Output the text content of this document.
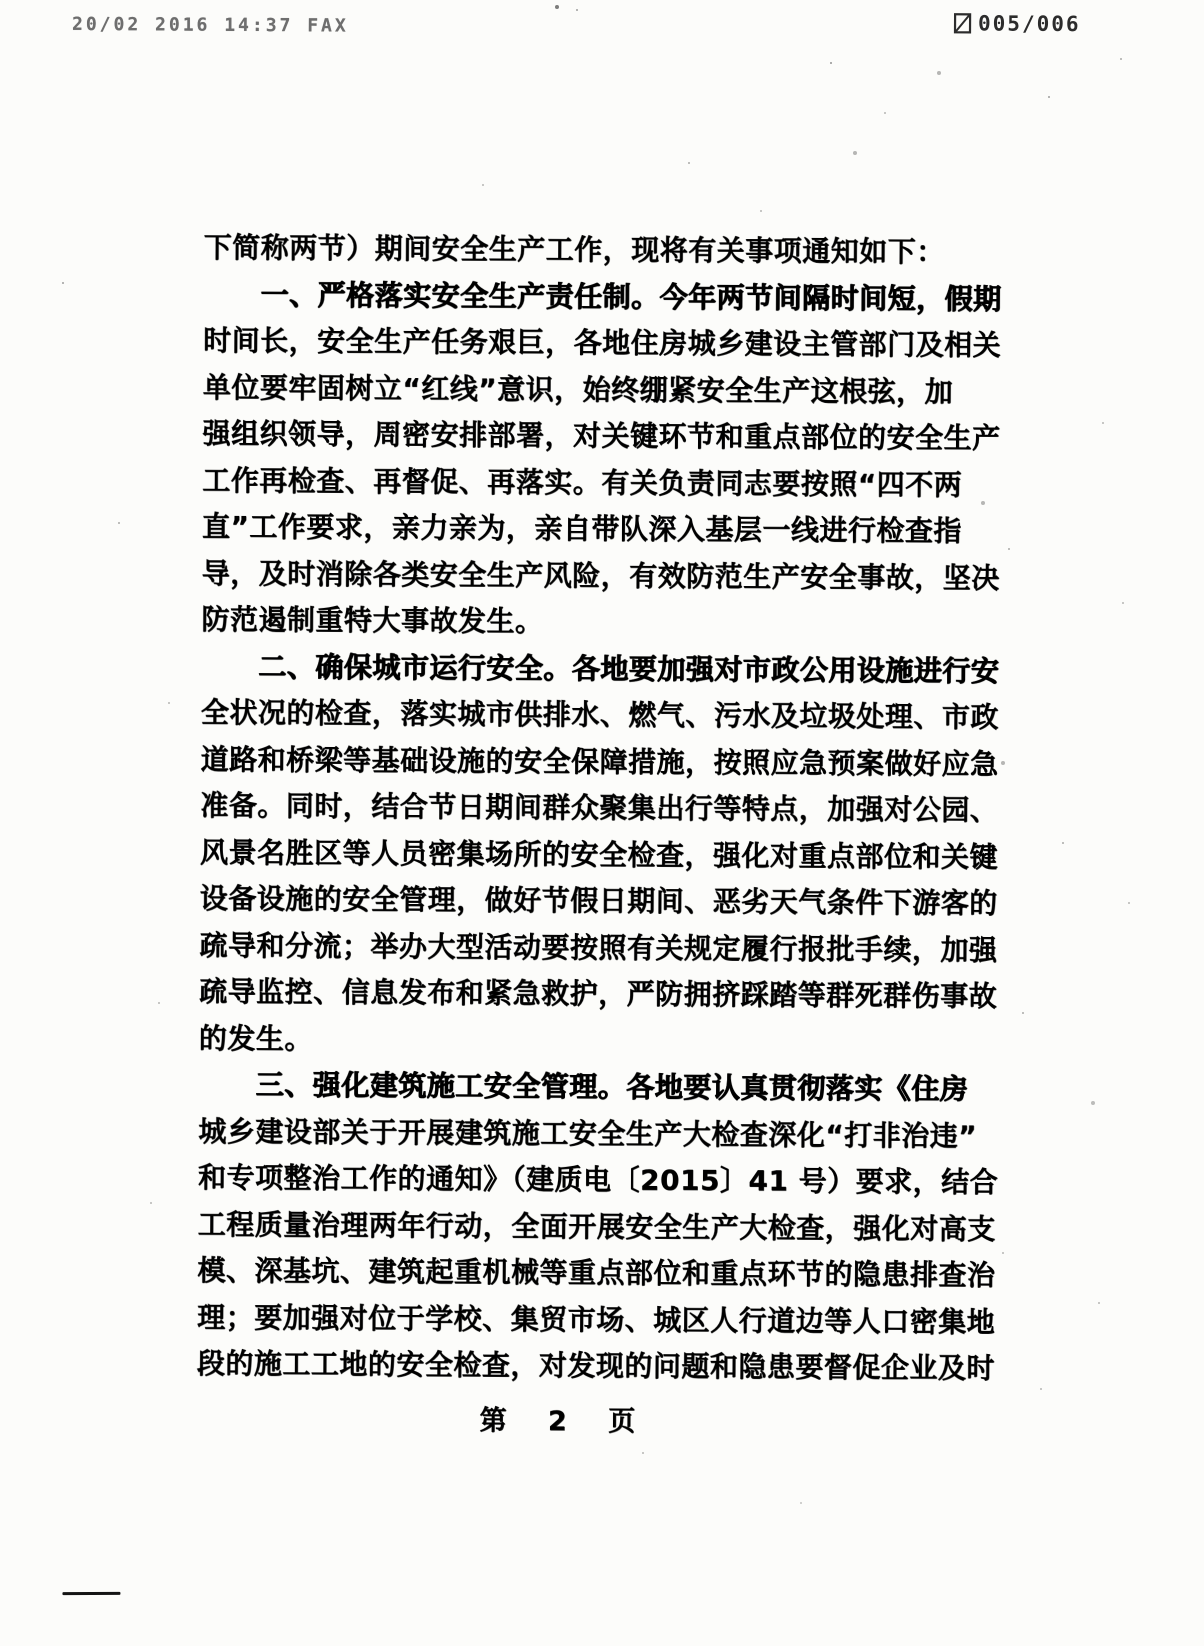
20/02 2016 14:37 FAX	005/006
下简称两节）期间安全生产工作，现将有关事项通知如下：
一、严格落实安全生产责任制。今年两节间隔时间短，假期
时间长，安全生产任务艰巨，各地住房城乡建设主管部门及相关
单位要牢固树立“红线”意识，始终绷紧安全生产这根弦，加
强组织领导，周密安排部署，对关键环节和重点部位的安全生产
工作再检查、再督促、再落实。有关负责同志要按照“四不两
直”工作要求，亲力亲为，亲自带队深入基层一线进行检查指
导，及时消除各类安全生产风险，有效防范生产安全事故，坚决
防范遏制重特大事故发生。
二、确保城市运行安全。各地要加强对市政公用设施进行安
全状况的检查，落实城市供排水、燃气、污水及垃圾处理、市政
道路和桥梁等基础设施的安全保障措施，按照应急预案做好应急
准备。同时，结合节日期间群众聚集出行等特点，加强对公园、
风景名胜区等人员密集场所的安全检查，强化对重点部位和关键
设备设施的安全管理，做好节假日期间、恶劣天气条件下游客的
疏导和分流；举办大型活动要按照有关规定履行报批手续，加强
疏导监控、信息发布和紧急救护，严防拥挤踩踏等群死群伤事故
的发生。
三、强化建筑施工安全管理。各地要认真贯彻落实《住房
城乡建设部关于开展建筑施工安全生产大检查深化“打非治违”
和专项整治工作的通知》（建质电〔2015〕41 号）要求，结合
工程质量治理两年行动，全面开展安全生产大检查，强化对高支
模、深基坑、建筑起重机械等重点部位和重点环节的隐患排查治
理；要加强对位于学校、集贸市场、城区人行道边等人口密集地
段的施工工地的安全检查，对发现的问题和隐患要督促企业及时
第 2 页
